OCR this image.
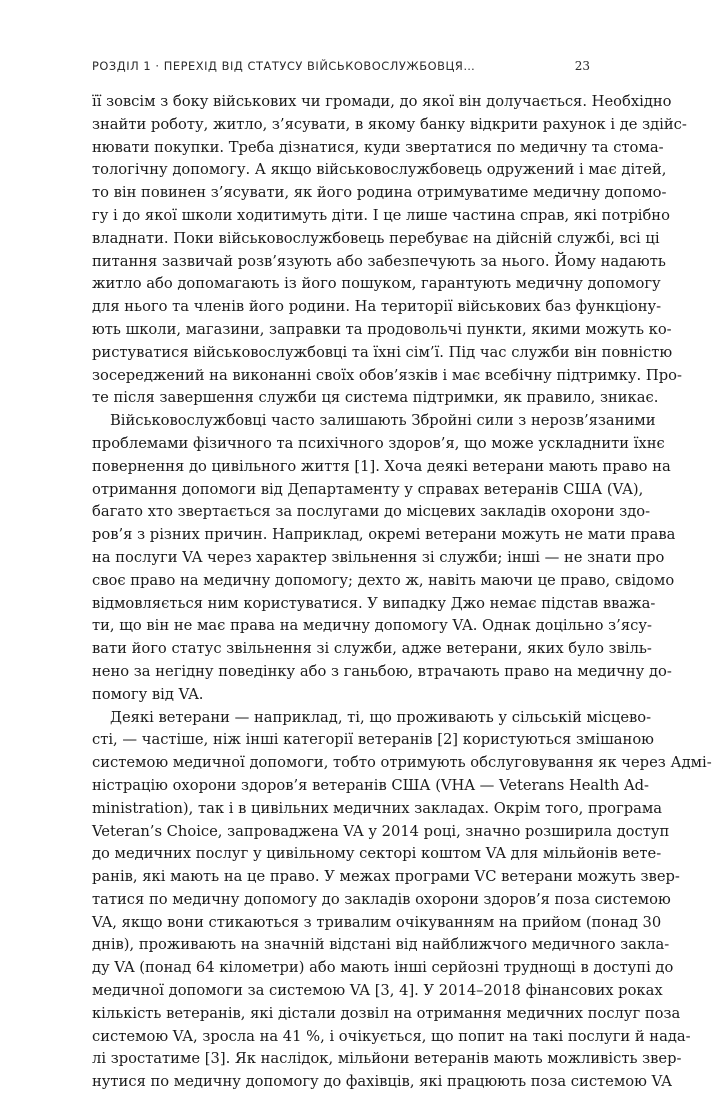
РОЗДІЛ 1 · ПЕРЕХІД ВІД СТАТУСУ ВІЙСЬКОВОСЛУЖБОВЦЯ…	23
її зовсім з боку військових чи громади, до якої він долучається. Необхідно
знайти роботу, житло, з’ясувати, в якому банку відкрити рахунок і де здійс-
нювати покупки. Треба дізнатися, куди звертатися по медичну та стома-
тологічну допомогу. А якщо військовослужбовець одружений і має дітей,
то він повинен з’ясувати, як його родина отримуватиме медичну допомо-
гу і до якої школи ходитимуть діти. І це лише частина справ, які потрібно
владнати. Поки військовослужбовець перебуває на дійсній службі, всі ці
питання зазвичай розв’язують або забезпечують за нього. Йому надають
житло або допомагають із його пошуком, гарантують медичну допомогу
для нього та членів його родини. На території військових баз функціону-
ють школи, магазини, заправки та продовольчі пункти, якими можуть ко-
ристуватися військовослужбовці та їхні сім’ї. Під час служби він повністю
зосереджений на виконанні своїх обов’язків і має всебічну підтримку. Про-
те після завершення служби ця система підтримки, як правило, зникає.
Військовослужбовці часто залишають Збройні сили з нерозв’язаними
проблемами фізичного та психічного здоров’я, що може ускладнити їхнє
повернення до цивільного життя [1]. Хоча деякі ветерани мають право на
отримання допомоги від Департаменту у справах ветеранів США (VA),
багато хто звертається за послугами до місцевих закладів охорони здо-
ров’я з різних причин. Наприклад, окремі ветерани можуть не мати права
на послуги VA через характер звільнення зі служби; інші — не знати про
своє право на медичну допомогу; дехто ж, навіть маючи це право, свідомо
відмовляється ним користуватися. У випадку Джо немає підстав вважа-
ти, що він не має права на медичну допомогу VA. Однак доцільно з’ясу-
вати його статус звільнення зі служби, адже ветерани, яких було звіль-
нено за негідну поведінку або з ганьбою, втрачають право на медичну до-
помогу від VA.
Деякі ветерани — наприклад, ті, що проживають у сільській місцево-
сті, — частіше, ніж інші категорії ветеранів [2] користуються змішаною
системою медичної допомоги, тобто отримують обслуговування як через Адмі-
ністрацію охорони здоров’я ветеранів США (VHA — Veterans Health Ad-
ministration), так і в цивільних медичних закладах. Окрім того, програма
Veteran’s Choice, запроваджена VA у 2014 році, значно розширила доступ
до медичних послуг у цивільному секторі коштом VA для мільйонів вете-
ранів, які мають на це право. У межах програми VC ветерани можуть звер-
татися по медичну допомогу до закладів охорони здоров’я поза системою
VA, якщо вони стикаються з тривалим очікуванням на прийом (понад 30
днів), проживають на значній відстані від найближчого медичного закла-
ду VA (понад 64 кілометри) або мають інші серйозні труднощі в доступі до
медичної допомоги за системою VA [3, 4]. У 2014–2018 фінансових роках
кількість ветеранів, які дістали дозвіл на отримання медичних послуг поза
системою VA, зросла на 41 %, і очікується, що попит на такі послуги й нада-
лі зростатиме [3]. Як наслідок, мільйони ветеранів мають можливість звер-
нутися по медичну допомогу до фахівців, які працюють поза системою VA
